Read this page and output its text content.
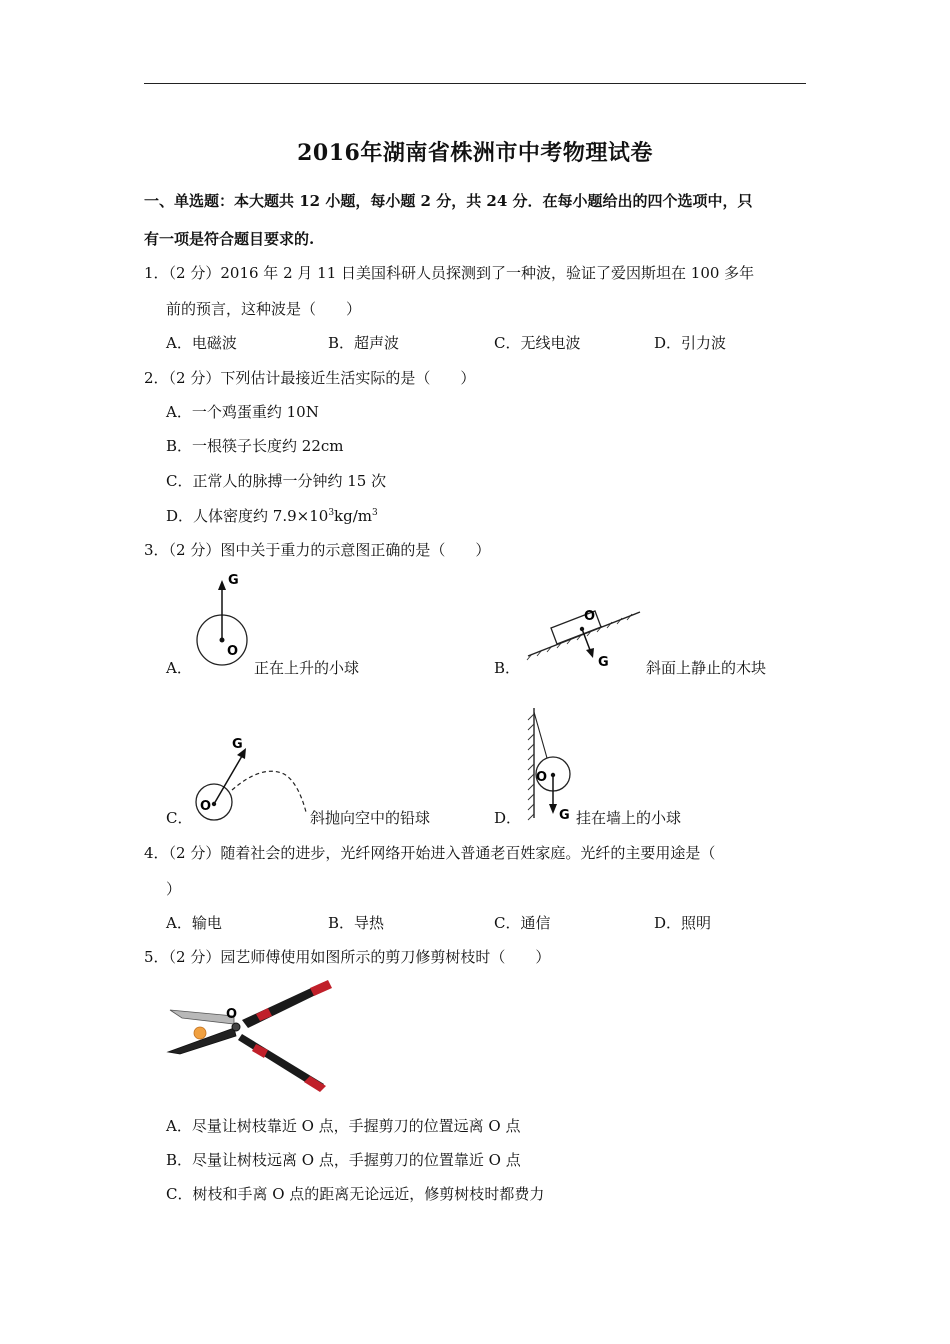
2016年湖南省株洲市中考物理试卷
一、单选题：本大题共 12 小题，每小题 2 分，共 24 分．在每小题给出的四个选项中，只
有一项是符合题目要求的.
1．（2 分）2016 年 2 月 11 日美国科研人员探测到了一种波，验证了爱因斯坦在 100 多年
前的预言，这种波是（　　）
A．电磁波	B．超声波	C．无线电波	D．引力波
2．（2 分）下列估计最接近生活实际的是（　　）
A．一个鸡蛋重约 10N
B．一根筷子长度约 22cm
C．正常人的脉搏一分钟约 15 次
D．人体密度约 $7.9\times 10^3kg/m^3$
3．（2 分）图中关于重力的示意图正确的是（　　）
A．
G
O
正在上升的小球	B．
O
G 斜面上静止的木块
C．
G
O
斜抛向空中的铅球	D．
O
G 挂在墙上的小球
4．（2 分）随着社会的进步，光纤网络开始进入普通老百姓家庭。光纤的主要用途是（
）
A．输电	B．导热	C．通信	D．照明
5．（2 分）园艺师傅使用如图所示的剪刀修剪树枝时（　　）
O
A．尽量让树枝靠近 O 点，手握剪刀的位置远离 O 点
B．尽量让树枝远离 O 点，手握剪刀的位置靠近 O 点
C．树枝和手离 O 点的距离无论远近，修剪树枝时都费力
